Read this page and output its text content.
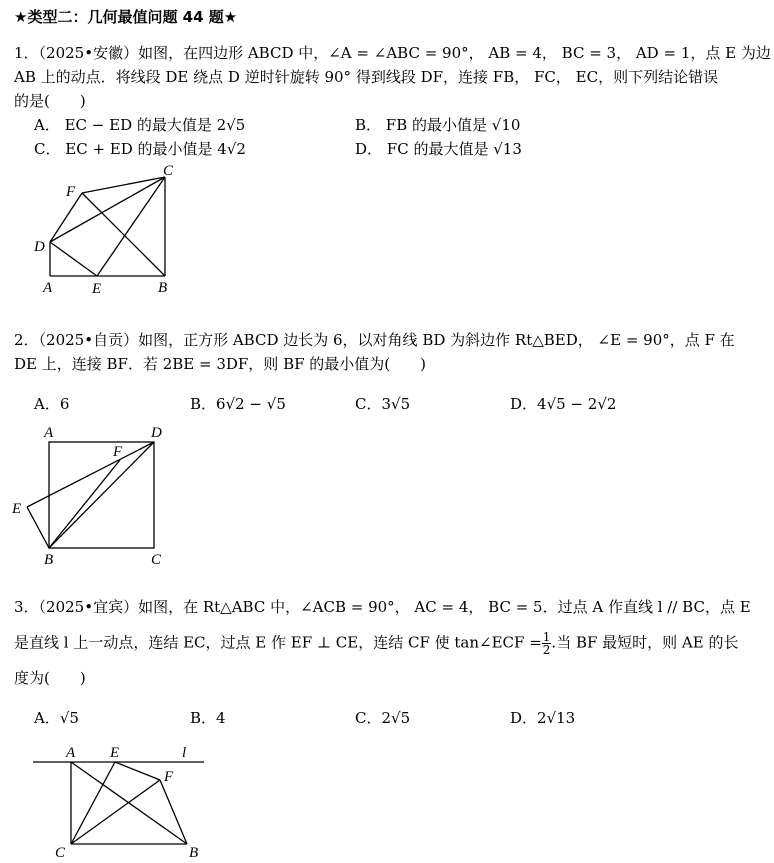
★类型二：几何最值问题 44 题★
1．（2025•安徽）如图，在四边形 ABCD 中，∠A = ∠ABC = 90°， AB = 4， BC = 3， AD = 1，点 E 为边
AB 上的动点．将线段 DE 绕点 D 逆时针旋转 90° 得到线段 DF，连接 FB， FC， EC，则下列结论错误
的是(　　)
A． EC − ED 的最大值是 2√5	B． FB 的最小值是 √10
C． EC + ED 的最小值是 4√2	D． FC 的最大值是 √13
F
C
D
A	E	B
2．（2025•自贡）如图，正方形 ABCD 边长为 6，以对角线 BD 为斜边作 Rt△BED， ∠E = 90°，点 F 在
DE 上，连接 BF．若 2BE = 3DF，则 BF 的最小值为(　　)
A．6	B．6√2 − √5	C．3√5	D．4√5 − 2√2
A	D
F
E
B	C
3．（2025•宜宾）如图，在 Rt△ABC 中，∠ACB = 90°， AC = 4， BC = 5．过点 A 作直线 l // BC，点 E
是直线 l 上一动点，连结 EC，过点 E 作 EF ⊥ CE，连结 CF 使 tan∠ECF = $\frac{1}{2}$ .当 BF 最短时，则 AE 的长
度为(　　)
A．√5	B．4	C．2√5	D．2√13
A E	l
F
C	B
